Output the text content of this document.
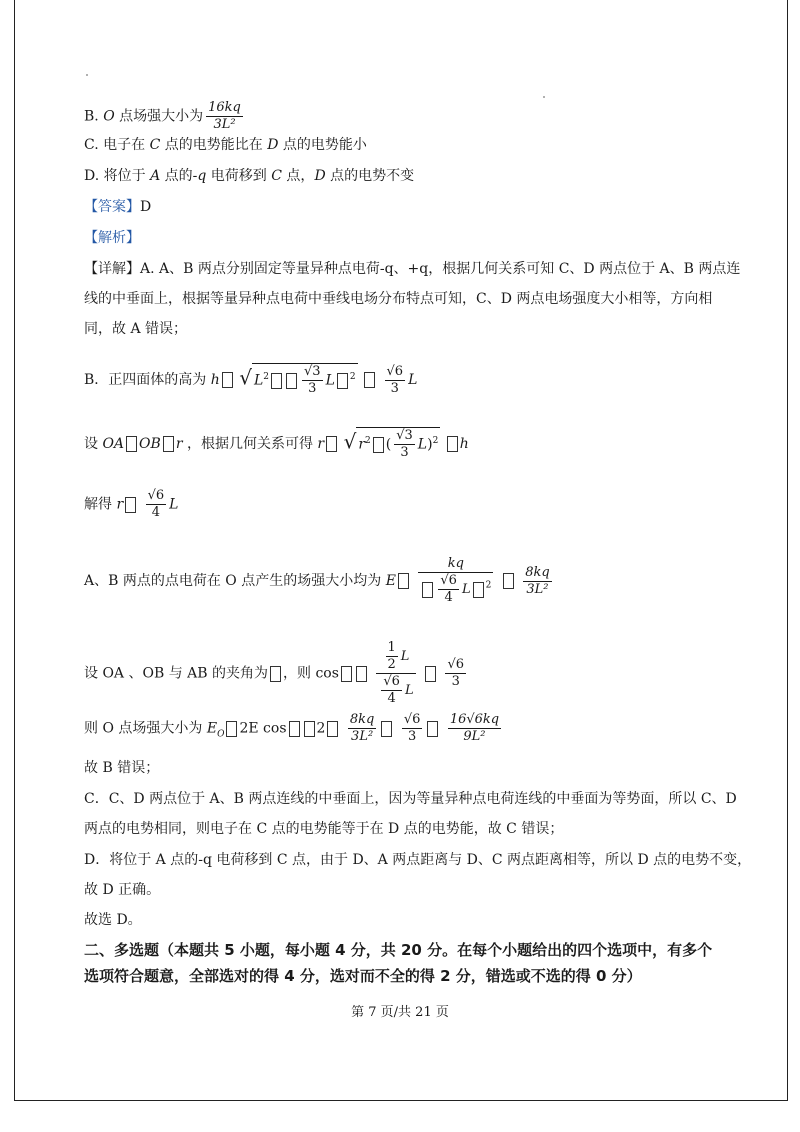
B. O 点场强大小为 $\frac{16kq}{\text{3L²}}$
C. 电子在 C 点的电势能比在 D 点的电势能小
D. 将位于 A 点的-q 电荷移到 C 点，D 点的电势不变
【答案】D
【解析】
【详解】A. A、B 两点分别固定等量异种点电荷-q、+q，根据几何关系可知 C、D 两点位于 A、B 两点连
线的中垂面上，根据等量异种点电荷中垂线电场分布特点可知，C、D 两点电场强度大小相等，方向相
同，故 A 错误；
B．正四面体的高为 h √ $L^2$	$\frac{√3}{3}$ L $^2 \frac{√6}{3}$ L
设 OA OB r ，根据几何关系可得 r √ $r^2$ ( $\frac{√3}{3} L)^2$ h
解得 r $\frac{√6}{4}$ L
A、B 两点的点电荷在 O 点产生的场强大小均为 E $\frac{kq}{\frac{√6}{4} L ^2}$
$\frac{8kq}{\text{3L²}}$
设 OA 、OB 与 AB 的夹角为 ，则 cos	$\frac{\frac{1}{2} L}{\frac{√6}{4} L}$
$\frac{√6}{3}$
则 O 点场强大小为 $E_O$ 2E $\cos 2 \frac{8kq}{\text{3L²}}$
$\frac{√6}{3}$
$\frac{16√6kq}{\text{9L²}}$
故 B 错误；
C．C、D 两点位于 A、B 两点连线的中垂面上，因为等量异种点电荷连线的中垂面为等势面，所以 C、D
两点的电势相同，则电子在 C 点的电势能等于在 D 点的电势能，故 C 错误；
D．将位于 A 点的-q 电荷移到 C 点，由于 D、A 两点距离与 D、C 两点距离相等，所以 D 点的电势不变，
故 D 正确。
故选 D。
二、多选题（本题共 5 小题，每小题 4 分，共 20 分。在每个小题给出的四个选项中，有多个
选项符合题意，全部选对的得 4 分，选对而不全的得 2 分，错选或不选的得 0 分）
第 7 页/共 21 页
